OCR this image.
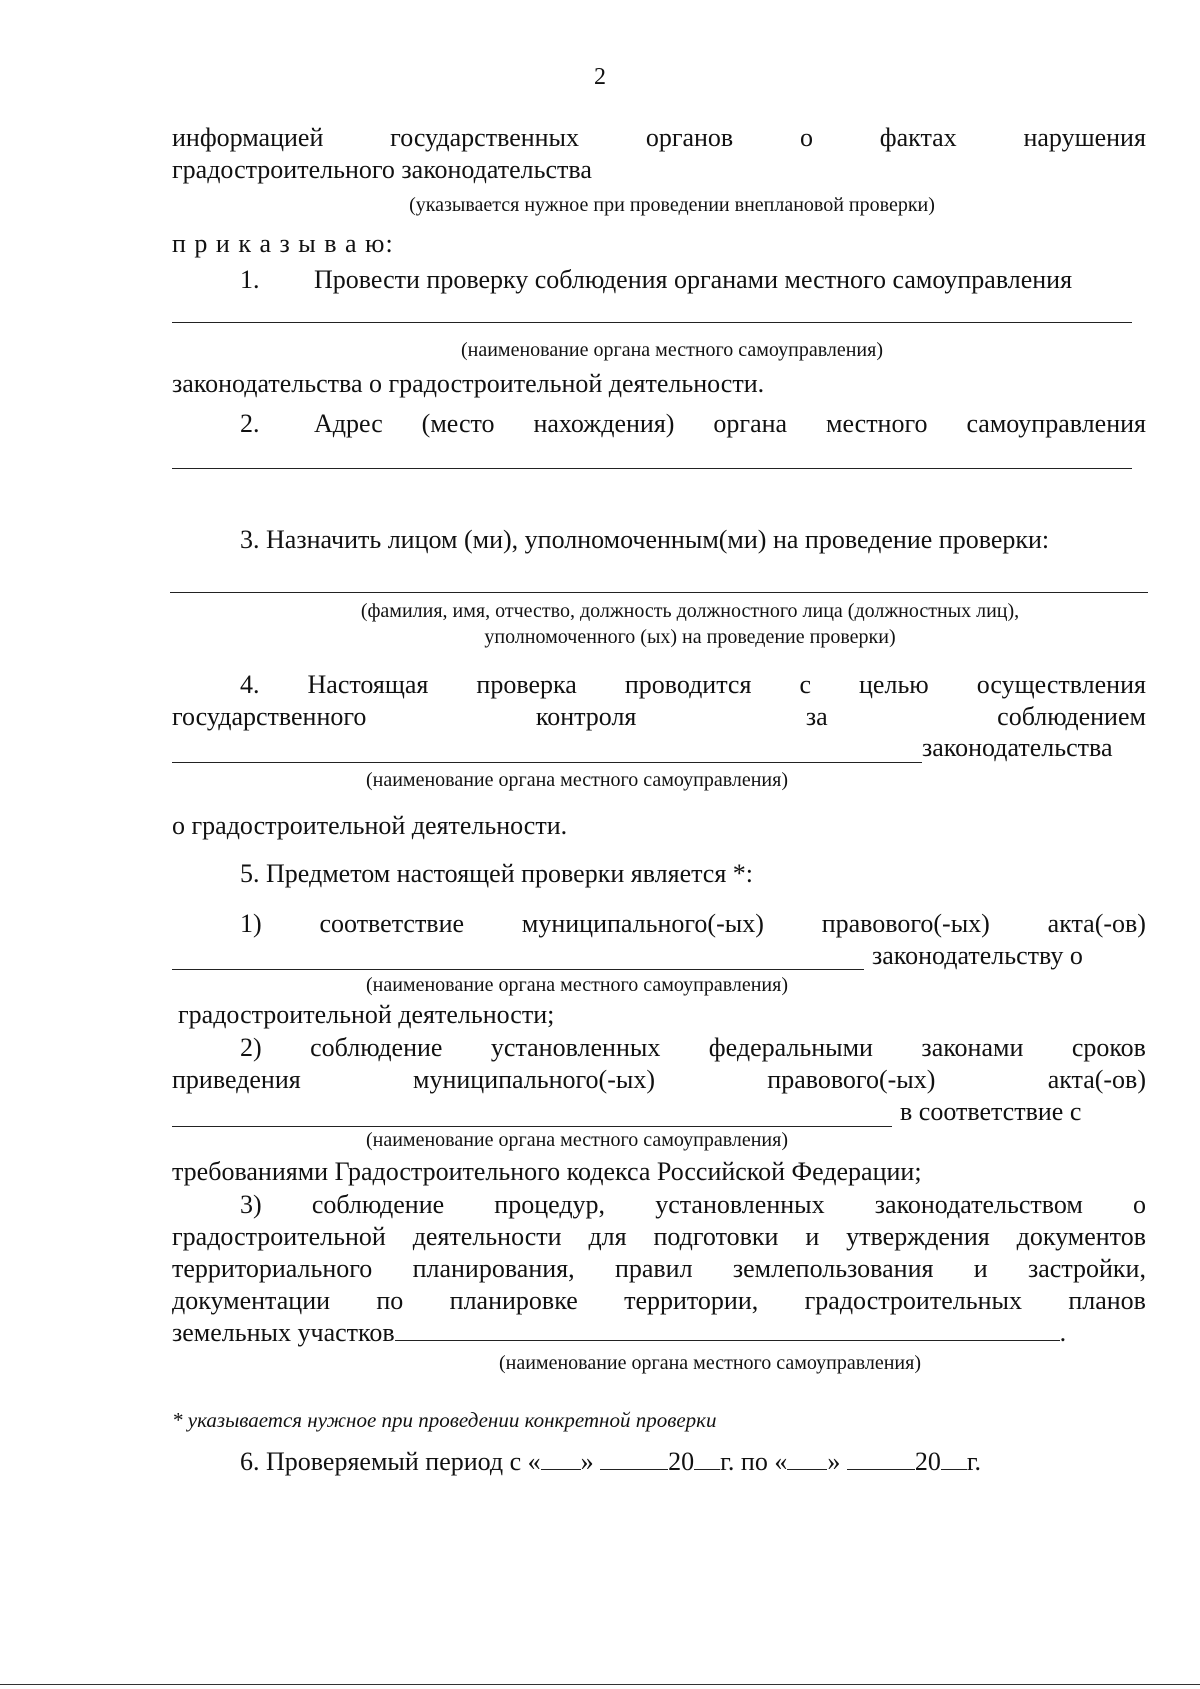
2
информацией	государственных	органов	о	фактах	нарушения
градостроительного законодательства
(указывается нужное при проведении внеплановой проверки)
п р и к а з ы в а ю:
1. Провести проверку соблюдения органами местного самоуправления
(наименование органа местного самоуправления)
законодательства о градостроительной деятельности.
2. Адрес (место нахождения) органа местного самоуправления
3. Назначить лицом (ми), уполномоченным(ми) на проведение проверки:
(фамилия, имя, отчество, должность должностного лица (должностных лиц),
уполномоченного (ых) на проведение проверки)
4. Настоящая проверка проводится с целью осуществления
государственного	контроля	за	соблюдением
законодательства
(наименование органа местного самоуправления)
о градостроительной деятельности.
5. Предметом настоящей проверки является *:
1) соответствие муниципального(-ых) правового(-ых) акта(-ов)
законодательству о
(наименование органа местного самоуправления)
градостроительной деятельности;
2) соблюдение установленных федеральными законами сроков
приведения	муниципального(-ых)	правового(-ых)	акта(-ов)
в соответствие с
(наименование органа местного самоуправления)
требованиями Градостроительного кодекса Российской Федерации;
3) соблюдение процедур, установленных законодательством о
градостроительной деятельности для подготовки и утверждения документов
территориального планирования, правил землепользования и застройки,
документации по планировке территории, градостроительных планов
земельных участков	.
(наименование органа местного самоуправления)
* указывается нужное при проведении конкретной проверки
6. Проверяемый период с « »	20 г. по « »	20 г.
